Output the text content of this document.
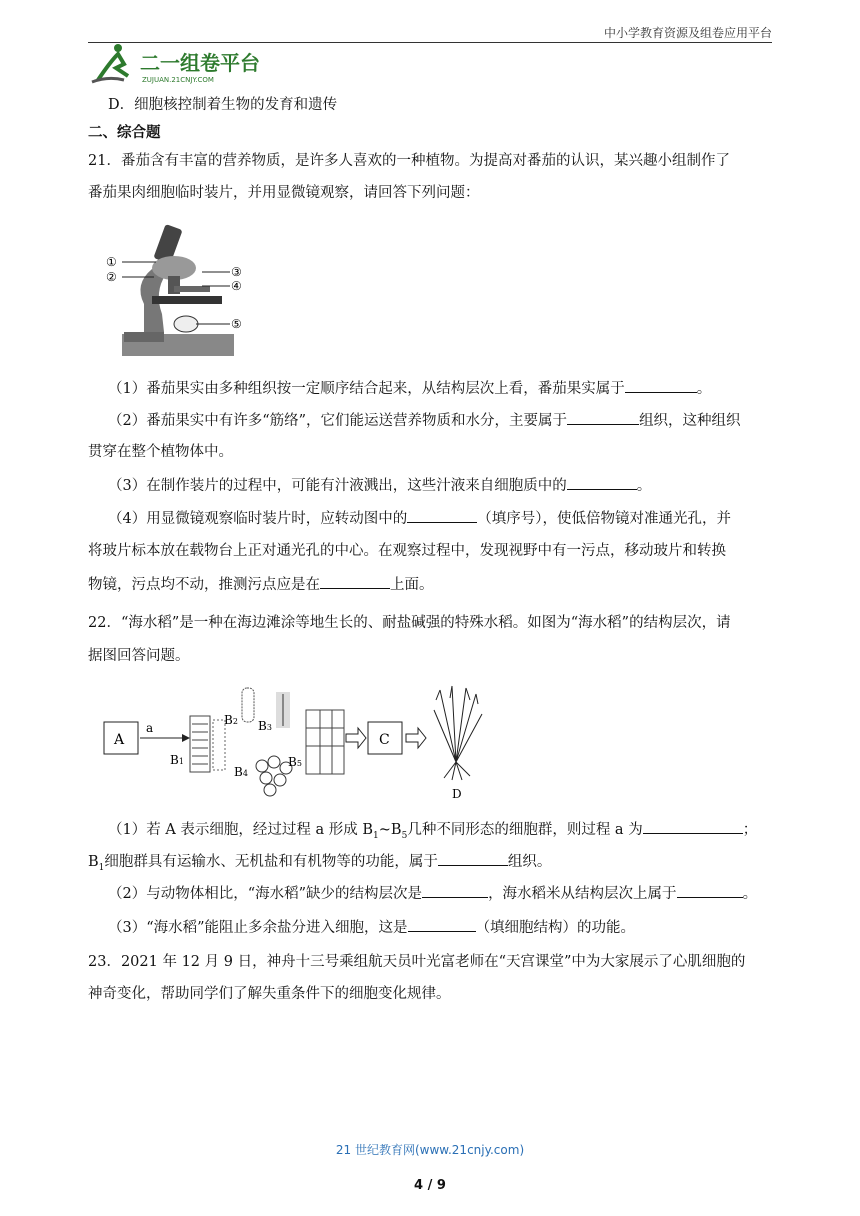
中小学教育资源及组卷应用平台
二一组卷平台
ZUJUAN.21CNJY.COM
D．细胞核控制着生物的发育和遗传
二、综合题
21．番茄含有丰富的营养物质，是许多人喜欢的一种植物。为提高对番茄的认识，某兴趣小组制作了
番茄果肉细胞临时装片，并用显微镜观察，请回答下列问题：
①
②	③
④
⑤
（1）番茄果实由多种组织按一定顺序结合起来，从结构层次上看，番茄果实属于	。
（2）番茄果实中有许多“筋络”，它们能运送营养物质和水分，主要属于	组织，这种组织
贯穿在整个植物体中。
（3）在制作装片的过程中，可能有汁液溅出，这些汁液来自细胞质中的	。
（4）用显微镜观察临时装片时，应转动图中的	（填序号），使低倍物镜对准通光孔，并
将玻片标本放在载物台上正对通光孔的中心。在观察过程中，发现视野中有一污点，移动玻片和转换
物镜，污点均不动，推测污点应是在	上面。
22．“海水稻”是一种在海边滩涂等地生长的、耐盐碱强的特殊水稻。如图为“海水稻”的结构层次，请
据图回答问题。
A
a
B1
B2 B3
B4
B5
C
D
（1）若 A 表示细胞，经过过程 a 形成 $B_1\sim B_5$几种不同形态的细胞群，则过程 a 为	；
$B_1$细胞群具有运输水、无机盐和有机物等的功能，属于	组织。
（2）与动物体相比，“海水稻”缺少的结构层次是	，海水稻米从结构层次上属于	。
（3）“海水稻”能阻止多余盐分进入细胞，这是	（填细胞结构）的功能。
23．2021 年 12 月 9 日，神舟十三号乘组航天员叶光富老师在“天宫课堂”中为大家展示了心肌细胞的
神奇变化，帮助同学们了解失重条件下的细胞变化规律。
21 世纪教育网(www.21cnjy.com)
4 / 9
